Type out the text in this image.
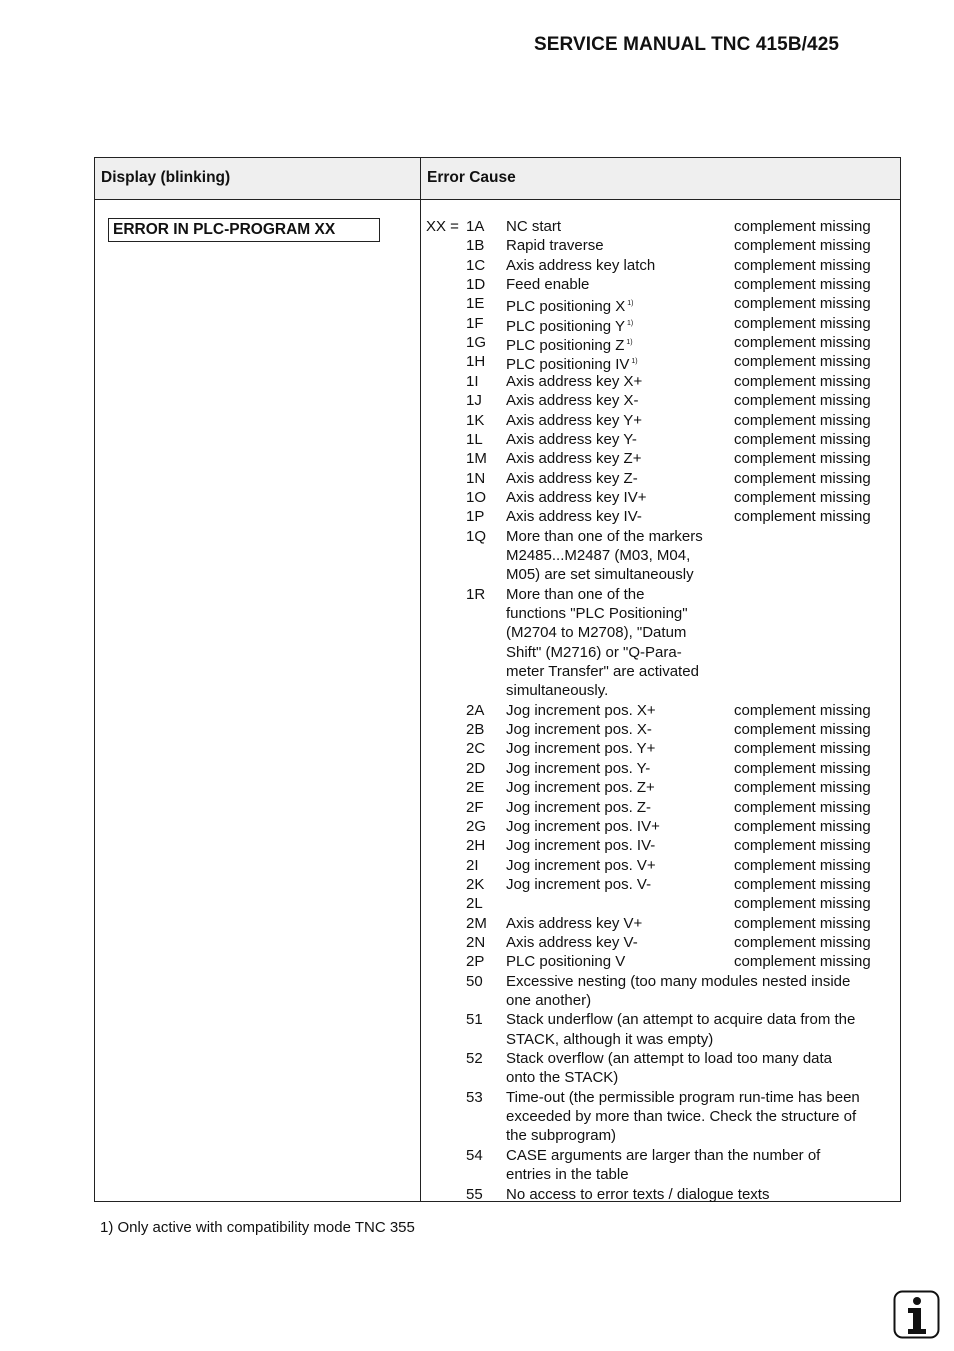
SERVICE MANUAL TNC 415B/425
Display (blinking)	Error Cause
ERROR IN PLC-PROGRAM XX	XX = 1A NC start	complement missing
1B Rapid traverse	complement missing
1C Axis address key latch	complement missing
1D Feed enable	complement missing
1E PLC positioning X $^{1)}$	complement missing
1F PLC positioning Y $^{1)}$	complement missing
1G PLC positioning Z $^{1)}$	complement missing
1H PLC positioning IV $^{1)}$	complement missing
1I Axis address key X+	complement missing
1J Axis address key X-	complement missing
1K Axis address key Y+	complement missing
1L Axis address key Y-	complement missing
1M Axis address key Z+	complement missing
1N Axis address key Z-	complement missing
1O Axis address key IV+	complement missing
1P Axis address key IV-	complement missing
1Q More than one of the markers
M2485...M2487 (M03, M04,
M05) are set simultaneously
1R More than one of the
functions "PLC Positioning"
(M2704 to M2708), "Datum
Shift" (M2716) or "Q-Para-
meter Transfer" are activated
simultaneously.
2A Jog increment pos. X+	complement missing
2B Jog increment pos. X-	complement missing
2C Jog increment pos. Y+	complement missing
2D Jog increment pos. Y-	complement missing
2E Jog increment pos. Z+	complement missing
2F Jog increment pos. Z-	complement missing
2G Jog increment pos. IV+	complement missing
2H Jog increment pos. IV-	complement missing
2I Jog increment pos. V+	complement missing
2K Jog increment pos. V-	complement missing
2L	complement missing
2M Axis address key V+	complement missing
2N Axis address key V-	complement missing
2P PLC positioning V	complement missing
50 Excessive nesting (too many modules nested inside
one another)
51 Stack underflow (an attempt to acquire data from the
STACK, although it was empty)
52 Stack overflow (an attempt to load too many data
onto the STACK)
53 Time-out (the permissible program run-time has been
exceeded by more than twice. Check the structure of
the subprogram)
54 CASE arguments are larger than the number of
entries in the table
55 No access to error texts / dialogue texts
1) Only active with compatibility mode TNC 355
